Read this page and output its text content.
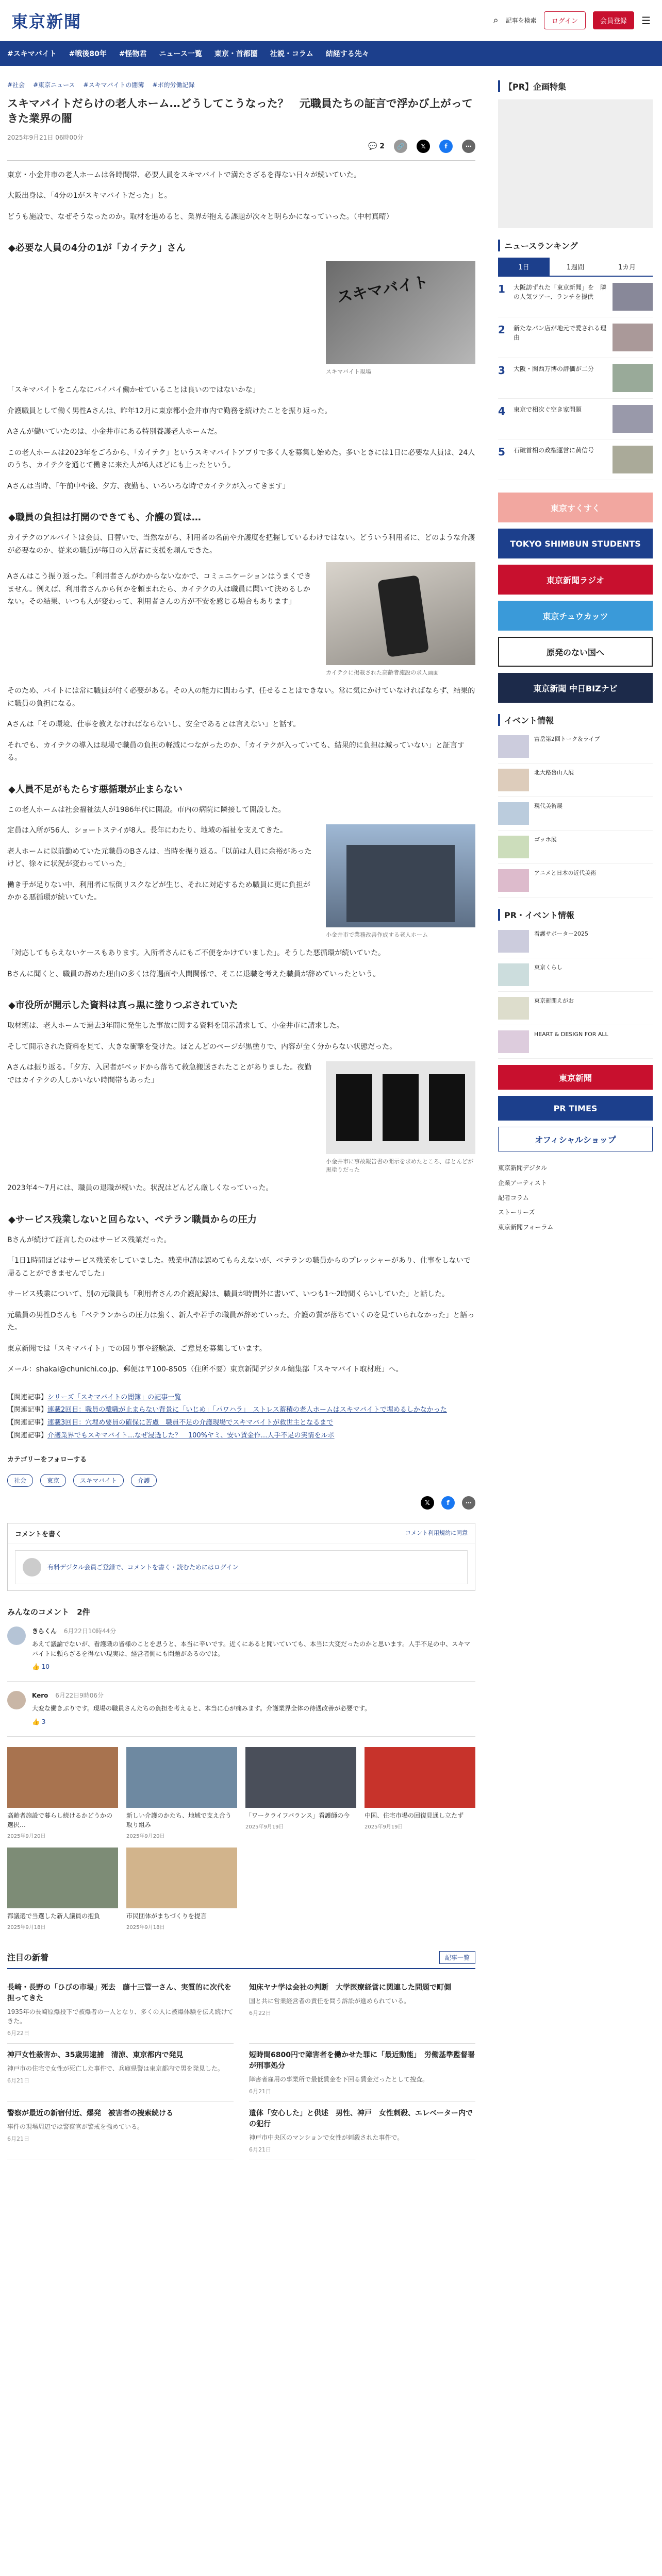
東京新聞	⌕ 記事を検索	ログイン	会員登録	☰
#スキマバイト #戦後80年 #怪物君 ニュース一覧 東京・首都圏 社説・コラム 結経する先々
#社会 #東京ニュース #スキマバイトの闇簿 #ポ的労働記録
スキマバイトだらけの老人ホーム…どうしてこうなった？　元職員たちの証言で浮かび上がってきた業界の闇
2025年9月21日 06時00分
💬 2	🔗	𝕏	f	⋯

東京・小金井市の老人ホームは各時間帯、必要人員をスキマバイトで満たさざるを得ない日々が続いていた。

大阪出身は、「4分の1がスキマバイトだった」と。

どうも施設で、なぜそうなったのか。取材を進めると、業界が抱える課題が次々と明らかになっていった。（中村真晴）

◆必要な人員の4分の1が「カイテク」さん
スキマバイト
スキマバイト現場

「スキマバイトをこんなにバイバイ働かせていることは良いのではないかな」

介護職員として働く男性Aさんは、昨年12月に東京都小金井市内で勤務を続けたことを振り返った。

Aさんが働いていたのは、小金井市にある特別養護老人ホームだ。

この老人ホームは2023年をごろから、「カイテク」というスキマバイトアプリで多く人を募集し始めた。多いときには1日に必要な人員は、24人のうち、カイテクを通じて働きに来た人が6人ほどにも上ったという。

Aさんは当時、「午前中や後、夕方、夜勤も、いろいろな時でカイテクが入ってきます」

◆職員の負担は打開のできても、介護の質は…

カイテクのアルバイトは会員、日替いで、当然ながら、利用者の名前や介護度を把握しているわけではない。どういう利用者に、どのような介護が必要なのか、従来の職員が毎日の入居者に支援を頼んできた。

Aさんはこう振り返った。「利用者さんがわからないなかで、コミュニケーションはうまくできません。例えば、利用者さんから何かを頼まれたら、カイテクの人は職員に聞いて決めるしかない。その結果、いつも人が変わって、利用者さんの方が不安を感じる場合もあります」

カイテクに掲載された高齢者施設の求人画面

そのため、バイトには常に職員が付く必要がある。その人の能力に関わらず、任せることはできない。常に気にかけていなければならず、結果的に職員の負担になる。

Aさんは「その環境、仕事を教えなければならないし、安全であるとは言えない」と話す。

それでも、カイテクの導入は現場で職員の負担の軽減につながったのか、「カイテクが入っていても、結果的に負担は減っていない」と証言する。

◆人員不足がもたらす悪循環が止まらない

この老人ホームは社会福祉法人が1986年代に開設。市内の病院に隣接して開設した。

定員は入所が56人、ショートステイが8人。長年にわたり、地域の福祉を支えてきた。

老人ホームに以前勤めていた元職員のBさんは、当時を振り返る。「以前は人員に余裕があったけど、徐々に状況が変わっていった」

働き手が足りない中、利用者に転倒リスクなどが生じ、それに対応するため職員に更に負担がかかる悪循環が続いていた。

小金井市で業務改善作成する老人ホーム

「対応してもらえないケースもあります。入所者さんにもご不便をかけていました」。そうした悪循環が続いていた。

Bさんに聞くと、職員の辞めた理由の多くは待遇面や人間関係で、そこに退職を考えた職員が辞めていったという。

◆市役所が開示した資料は真っ黒に塗りつぶされていた

取材班は、老人ホームで過去3年間に発生した事故に関する資料を開示請求して、小金井市に請求した。

そして開示された資料を見て、大きな衝撃を受けた。ほとんどのページが黒塗りで、内容が全く分からない状態だった。

Aさんは振り返る。「夕方、入居者がベッドから落ちて救急搬送されたことがありました。夜勤ではカイテクの人しかいない時間帯もあった」

小金井市に事故報告書の開示を求めたところ、ほとんどが黒塗りだった

2023年4〜7月には、職員の退職が続いた。状況はどんどん厳しくなっていった。

◆サービス残業しないと回らない、ベテラン職員からの圧力

Bさんが続けて証言したのはサービス残業だった。

「1日1時間ほどはサービス残業をしていました。残業申請は認めてもらえないが、ベテランの職員からのプレッシャーがあり、仕事をしないで帰ることができませんでした」

サービス残業について、別の元職員も「利用者さんの介護記録は、職員が時間外に書いて、いつも1〜2時間くらいしていた」と話した。

元職員の男性Dさんも「ベテランからの圧力は強く、新人や若手の職員が辞めていった。介護の質が落ちていくのを見ていられなかった」と語った。

東京新聞では「スキマバイト」での困り事や経験談、ご意見を募集しています。

メール：shakai@chunichi.co.jp、郵便は〒100-8505（住所不要）東京新聞デジタル編集部「スキマバイト取材班」へ。

【関連記事】シリーズ「スキマバイトの闇簿」の記事一覧
【関連記事】連載2回目：職員の離職が止まらない背景に「いじめ」「パワハラ」　ストレス蓄積の老人ホームはスキマバイトで埋めるしかなかった
【関連記事】連載3回目：穴埋め要員の確保に苦慮　職員不足の介護現場でスキマバイトが救世主となるまで
【関連記事】介護業界でもスキマバイト…なぜ浸透した？　100%ヤミ、安い賃金作…人手不足の実情をルポ
カテゴリーをフォローする
社会	東京	スキマバイト	介護
𝕏	f	⋯
コメントを書く	コメント利用規約に同意
有料デジタル会員ご登録で、コメントを書く・読むためにはログイン
みんなのコメント 2件
きらくん 6月22日10時44分

あえて議論でないが、看護職の皆様のことを思うと、本当に辛いです。近くにあると聞いていても、本当に大変だったのかと思います。人手不足の中、スキマバイトに頼らざるを得ない現実は、経営者側にも問題があるのでは。

👍 10
Kero 6月22日9時06分

大変な働きぶりです。現場の職員さんたちの負担を考えると、本当に心が痛みます。介護業界全体の待遇改善が必要です。

👍 3
高齢者施設で暮らし続けるかどうかの選択…
2025年9月20日
新しい介護のかたち、地域で支え合う取り組み
2025年9月20日
「ワークライフバランス」看護師の今
2025年9月19日
中国、住宅市場の回復見通し立たず
2025年9月19日
都議選で当選した新人議員の抱負
2025年9月18日
市民団体がまちづくりを提言
2025年9月18日
注目の新着	記事一覧
長崎・長野の「ひびの市場」死去　藤十三管一さん、実質的に次代を担ってきた
1935年の長崎原爆投下で被爆者の一人となり、多くの人に被爆体験を伝え続けてきた。
6月22日
知床ヤナ学は会社の判断　大学医療経営に関連した問題で町側
国と共に営業経営者の責任を問う訴訟が進められている。
6月22日
神戸女性殺害か、35歳男逮捕　清涼、東京都内で発見
神戸市の住宅で女性が死亡した事件で、兵庫県警は東京都内で男を発見した。
6月21日
短時間6800円で障害者を働かせた罪に「最近動能」　労働基準監督署が刑事処分
障害者雇用の事業所で最低賃金を下回る賃金だったとして捜査。
6月21日
警察が最近の新宿付近、爆発　被害者の捜索続ける
事件の現場周辺では警察官が警戒を強めている。
6月21日
遺体「安心した」と供述　男性、神戸　女性刺殺、エレベーター内での犯行
神戸市中央区のマンションで女性が刺殺された事件で。
6月21日
【PR】企画特集
ニュースランキング
1日	1週間	1カ月
1	大阪訪ずれた「東京新聞」を　隣の人気ツアー、ランチを提供
2	新たなパン店が地元で愛される理由
3	大阪・関西万博の評価が二分
4	東京で相次ぐ空き家問題
5	石破首相の政権運営に黄信号
東京すくすく
TOKYO SHIMBUN STUDENTS
東京新聞ラジオ
東京チュウカッツ
原発のない国へ
東京新聞 中日BIZナビ
イベント情報
富岳第2回トーク＆ライブ
北大路魯山人展
現代美術展
ゴッホ展
アニメと日本の近代美術
PR・イベント情報
看護サポーター2025
東京くらし
東京新聞えがお
HEART & DESIGN FOR ALL
東京新聞
PR TIMES
オフィシャルショップ
東京新聞デジタル
企業アーティスト
記者コラム
ストーリーズ
東京新聞フォーラム
